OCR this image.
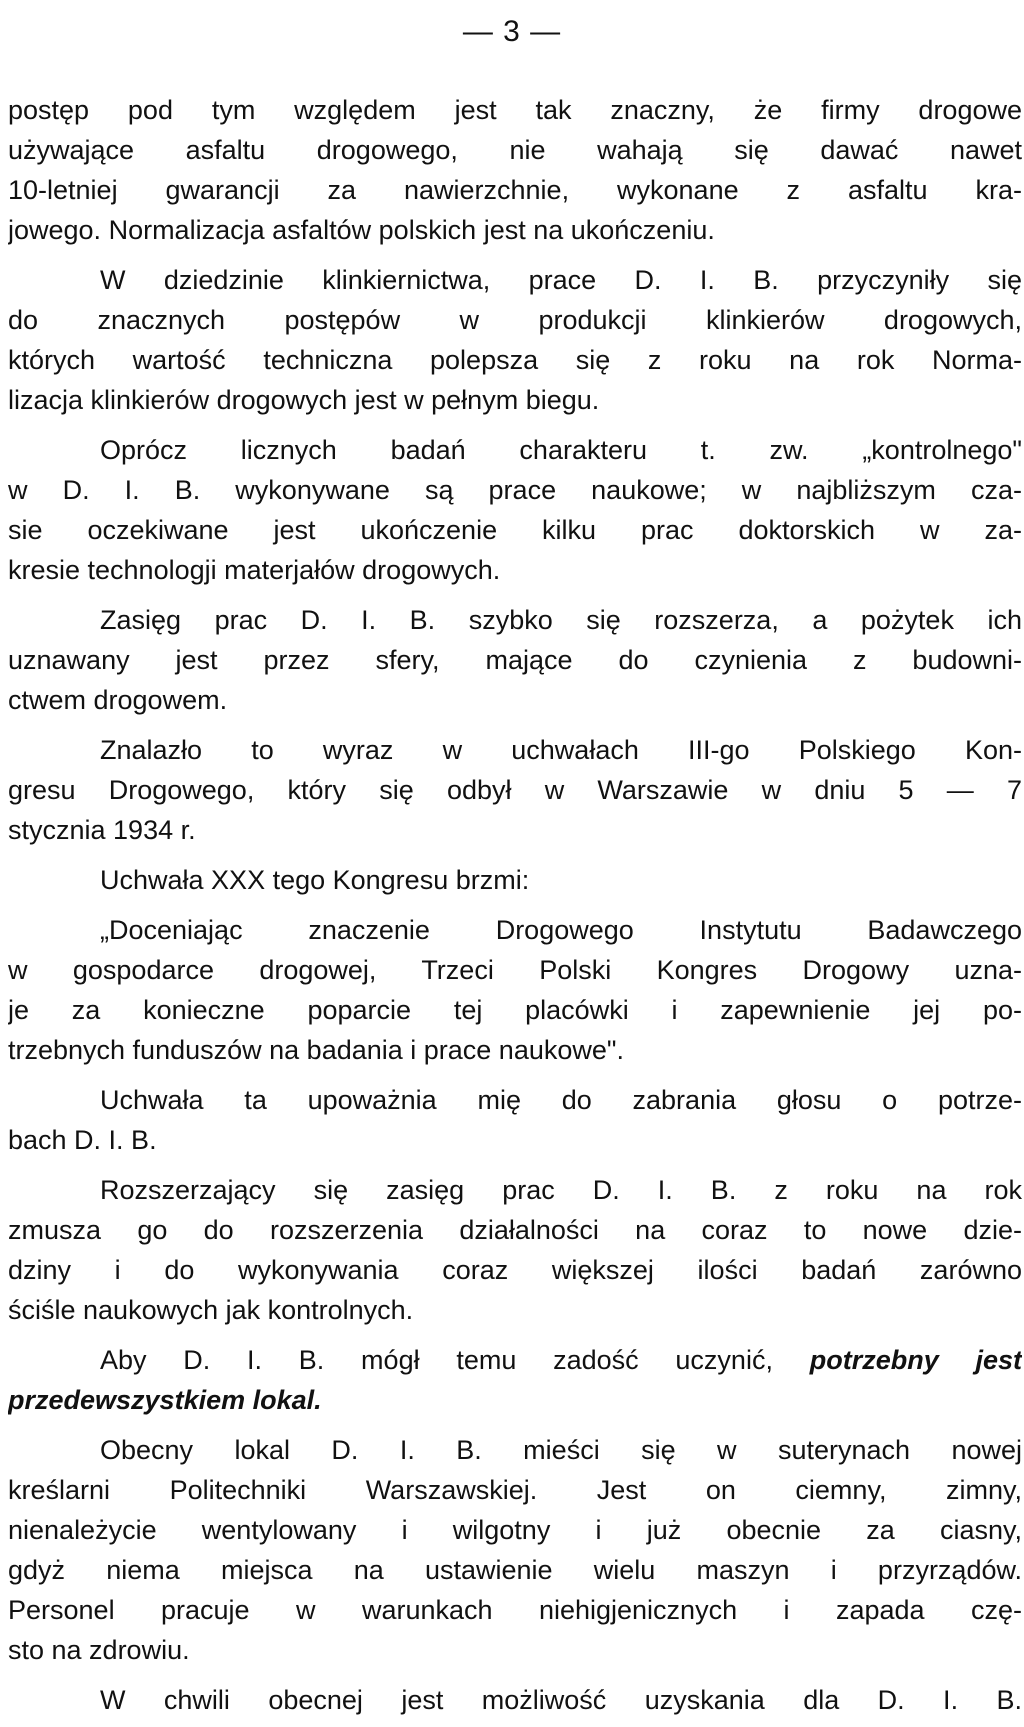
— 3 —
postęp pod tym względem jest tak znaczny, że firmy drogowe
używające asfaltu drogowego, nie wahają się dawać nawet
10-letniej gwarancji za nawierzchnie, wykonane z asfaltu kra-
jowego. Normalizacja asfaltów polskich jest na ukończeniu.
W dziedzinie klinkiernictwa, prace D. I. B. przyczyniły się
do znacznych postępów w produkcji klinkierów drogowych,
których wartość techniczna polepsza się z roku na rok Norma-
lizacja klinkierów drogowych jest w pełnym biegu.
Oprócz licznych badań charakteru t. zw. „kontrolnego"
w D. I. B. wykonywane są prace naukowe; w najbliższym cza-
sie oczekiwane jest ukończenie kilku prac doktorskich w za-
kresie technologji materjałów drogowych.
Zasięg prac D. I. B. szybko się rozszerza, a pożytek ich
uznawany jest przez sfery, mające do czynienia z budowni-
ctwem drogowem.
Znalazło to wyraz w uchwałach III-go Polskiego Kon-
gresu Drogowego, który się odbył w Warszawie w dniu 5 — 7
stycznia 1934 r.
Uchwała XXX tego Kongresu brzmi:
„Doceniając znaczenie Drogowego Instytutu Badawczego
w gospodarce drogowej, Trzeci Polski Kongres Drogowy uzna-
je za konieczne poparcie tej placówki i zapewnienie jej po-
trzebnych funduszów na badania i prace naukowe".
Uchwała ta upoważnia mię do zabrania głosu o potrze-
bach D. I. B.
Rozszerzający się zasięg prac D. I. B. z roku na rok
zmusza go do rozszerzenia działalności na coraz to nowe dzie-
dziny i do wykonywania coraz większej ilości badań zarówno
ściśle naukowych jak kontrolnych.
Aby D. I. B. mógł temu zadość uczynić, potrzebny jest
przedewszystkiem lokal.
Obecny lokal D. I. B. mieści się w suterynach nowej
kreślarni Politechniki Warszawskiej. Jest on ciemny, zimny,
nienależycie wentylowany i wilgotny i już obecnie za ciasny,
gdyż niema miejsca na ustawienie wielu maszyn i przyrządów.
Personel pracuje w warunkach niehigjenicznych i zapada czę-
sto na zdrowiu.
W chwili obecnej jest możliwość uzyskania dla D. I. B.
